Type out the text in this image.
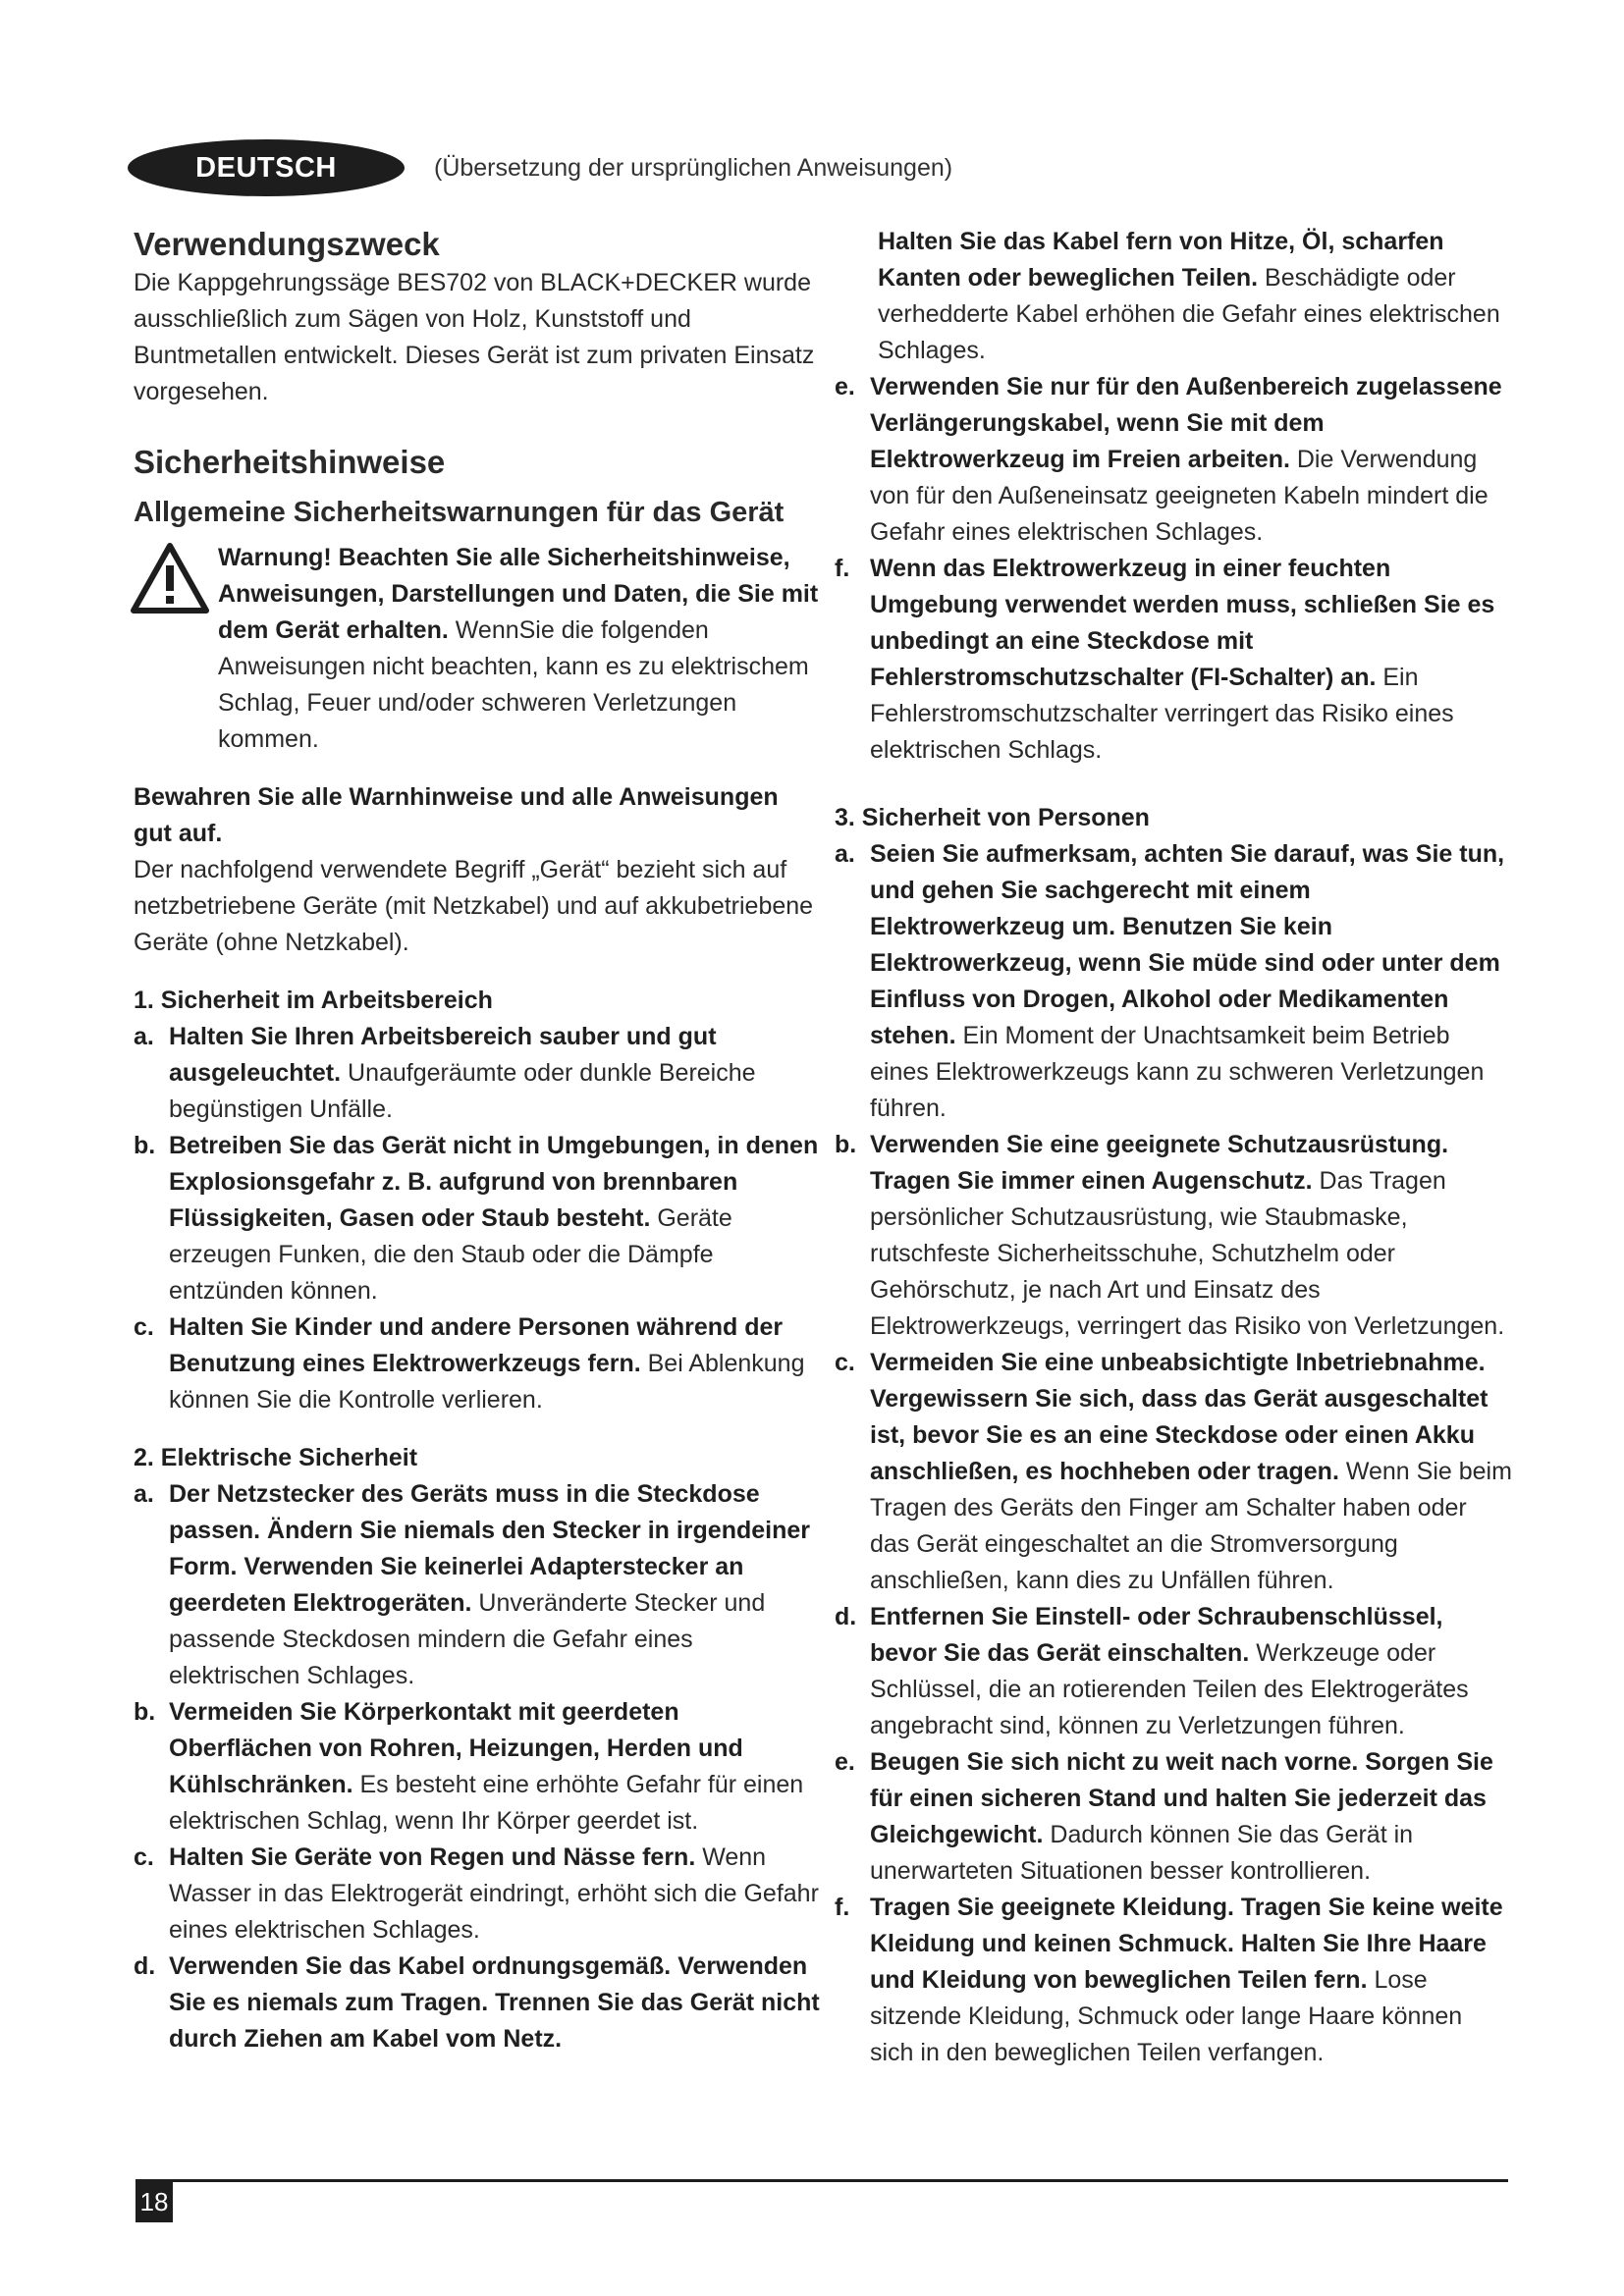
DEUTSCH	(Übersetzung der ursprünglichen Anweisungen)
Verwendungszweck

Die Kappgehrungssäge BES702 von BLACK+DECKER wurde ausschließlich zum Sägen von Holz, Kunststoff und Buntmetallen entwickelt. Dieses Gerät ist zum privaten Einsatz vorgesehen.

Sicherheitshinweise
Allgemeine Sicherheitswarnungen für das Gerät

Warnung! Beachten Sie alle Sicherheitshinweise, Anweisungen, Darstellungen und Daten, die Sie mit dem Gerät erhalten. WennSie die folgenden Anweisungen nicht beachten, kann es zu elektrischem Schlag, Feuer und/oder schweren Verletzungen kommen.

Bewahren Sie alle Warnhinweise und alle Anweisungen gut auf.

Der nachfolgend verwendete Begriff „Gerät“ bezieht sich auf netzbetriebene Geräte (mit Netzkabel) und auf akkubetriebene Geräte (ohne Netzkabel).

1. Sicherheit im Arbeitsbereich

a. Halten Sie Ihren Arbeitsbereich sauber und gut ausgeleuchtet. Unaufgeräumte oder dunkle Bereiche begünstigen Unfälle.
b. Betreiben Sie das Gerät nicht in Umgebungen, in denen Explosionsgefahr z. B. aufgrund von brennbaren Flüssigkeiten, Gasen oder Staub besteht. Geräte erzeugen Funken, die den Staub oder die Dämpfe entzünden können.
c. Halten Sie Kinder und andere Personen während der Benutzung eines Elektrowerkzeugs fern. Bei Ablenkung können Sie die Kontrolle verlieren.

2. Elektrische Sicherheit

a. Der Netzstecker des Geräts muss in die Steckdose passen. Ändern Sie niemals den Stecker in irgendeiner Form. Verwenden Sie keinerlei Adapterstecker an geerdeten Elektrogeräten. Unveränderte Stecker und passende Steckdosen mindern die Gefahr eines elektrischen Schlages.
b. Vermeiden Sie Körperkontakt mit geerdeten Oberflächen von Rohren, Heizungen, Herden und Kühlschränken. Es besteht eine erhöhte Gefahr für einen elektrischen Schlag, wenn Ihr Körper geerdet ist.
c. Halten Sie Geräte von Regen und Nässe fern. Wenn Wasser in das Elektrogerät eindringt, erhöht sich die Gefahr eines elektrischen Schlages.
d. Verwenden Sie das Kabel ordnungsgemäß. Verwenden Sie es niemals zum Tragen. Trennen Sie das Gerät nicht durch Ziehen am Kabel vom Netz.

Halten Sie das Kabel fern von Hitze, Öl, scharfen Kanten oder beweglichen Teilen. Beschädigte oder verhedderte Kabel erhöhen die Gefahr eines elektrischen Schlages.

e. Verwenden Sie nur für den Außenbereich zugelassene Verlängerungskabel, wenn Sie mit dem Elektrowerkzeug im Freien arbeiten. Die Verwendung von für den Außeneinsatz geeigneten Kabeln mindert die Gefahr eines elektrischen Schlages.
f. Wenn das Elektrowerkzeug in einer feuchten Umgebung verwendet werden muss, schließen Sie es unbedingt an eine Steckdose mit Fehlerstromschutzschalter (FI-Schalter) an. Ein Fehlerstromschutzschalter verringert das Risiko eines elektrischen Schlags.

3. Sicherheit von Personen

a. Seien Sie aufmerksam, achten Sie darauf, was Sie tun, und gehen Sie sachgerecht mit einem Elektrowerkzeug um. Benutzen Sie kein Elektrowerkzeug, wenn Sie müde sind oder unter dem Einfluss von Drogen, Alkohol oder Medikamenten stehen. Ein Moment der Unachtsamkeit beim Betrieb eines Elektrowerkzeugs kann zu schweren Verletzungen führen.
b. Verwenden Sie eine geeignete Schutzausrüstung. Tragen Sie immer einen Augenschutz. Das Tragen persönlicher Schutzausrüstung, wie Staubmaske, rutschfeste Sicherheitsschuhe, Schutzhelm oder Gehörschutz, je nach Art und Einsatz des Elektrowerkzeugs, verringert das Risiko von Verletzungen.
c. Vermeiden Sie eine unbeabsichtigte Inbetriebnahme. Vergewissern Sie sich, dass das Gerät ausgeschaltet ist, bevor Sie es an eine Steckdose oder einen Akku anschließen, es hochheben oder tragen. Wenn Sie beim Tragen des Geräts den Finger am Schalter haben oder das Gerät eingeschaltet an die Stromversorgung anschließen, kann dies zu Unfällen führen.
d. Entfernen Sie Einstell- oder Schraubenschlüssel, bevor Sie das Gerät einschalten. Werkzeuge oder Schlüssel, die an rotierenden Teilen des Elektrogerätes angebracht sind, können zu Verletzungen führen.
e. Beugen Sie sich nicht zu weit nach vorne. Sorgen Sie für einen sicheren Stand und halten Sie jederzeit das Gleichgewicht. Dadurch können Sie das Gerät in unerwarteten Situationen besser kontrollieren.
f. Tragen Sie geeignete Kleidung. Tragen Sie keine weite Kleidung und keinen Schmuck. Halten Sie Ihre Haare und Kleidung von beweglichen Teilen fern. Lose sitzende Kleidung, Schmuck oder lange Haare können sich in den beweglichen Teilen verfangen.
18
